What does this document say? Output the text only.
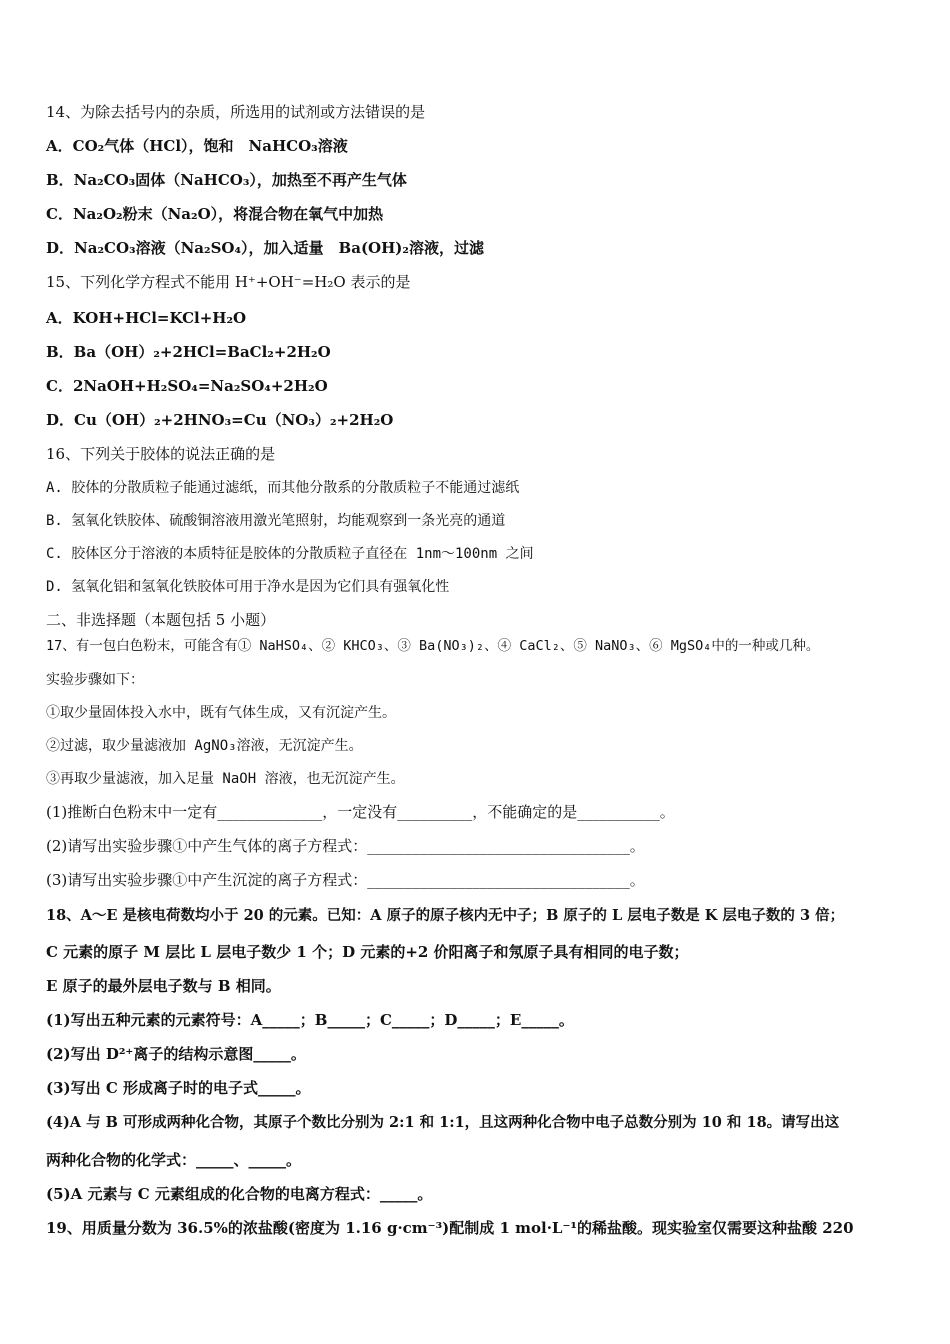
14、为除去括号内的杂质，所选用的试剂或方法错误的是
A．CO₂气体（HCl），饱和　NaHCO₃溶液
B．Na₂CO₃固体（NaHCO₃），加热至不再产生气体
C．Na₂O₂粉末（Na₂O），将混合物在氧气中加热
D．Na₂CO₃溶液（Na₂SO₄），加入适量　Ba(OH)₂溶液，过滤
15、下列化学方程式不能用 H⁺+OH⁻=H₂O 表示的是
A．KOH+HCl=KCl+H₂O
B．Ba（OH）₂+2HCl=BaCl₂+2H₂O
C．2NaOH+H₂SO₄=Na₂SO₄+2H₂O
D．Cu（OH）₂+2HNO₃=Cu（NO₃）₂+2H₂O
16、下列关于胶体的说法正确的是
A. 胶体的分散质粒子能通过滤纸，而其他分散系的分散质粒子不能通过滤纸
B. 氢氧化铁胶体、硫酸铜溶液用激光笔照射，均能观察到一条光亮的通道
C. 胶体区分于溶液的本质特征是胶体的分散质粒子直径在 1nm～100nm 之间
D. 氢氧化铝和氢氧化铁胶体可用于净水是因为它们具有强氧化性
二、非选择题（本题包括 5 小题）
17、有一包白色粉末，可能含有① NaHSO₄、② KHCO₃、③ Ba(NO₃)₂、④ CaCl₂、⑤ NaNO₃、⑥ MgSO₄中的一种或几种。
实验步骤如下：
①取少量固体投入水中，既有气体生成，又有沉淀产生。
②过滤，取少量滤液加 AgNO₃溶液，无沉淀产生。
③再取少量滤液，加入足量 NaOH 溶液，也无沉淀产生。
(1)推断白色粉末中一定有______________，一定没有__________，不能确定的是___________。
(2)请写出实验步骤①中产生气体的离子方程式：___________________________________。
(3)请写出实验步骤①中产生沉淀的离子方程式：___________________________________。
18、A～E 是核电荷数均小于 20 的元素。已知：A 原子的原子核内无中子；B 原子的 L 层电子数是 K 层电子数的 3 倍；
C 元素的原子 M 层比 L 层电子数少 1 个；D 元素的+2 价阳离子和氖原子具有相同的电子数；
E 原子的最外层电子数与 B 相同。
(1)写出五种元素的元素符号：A_____；B_____；C_____；D_____；E_____。
(2)写出 D²⁺离子的结构示意图_____。
(3)写出 C 形成离子时的电子式_____。
(4)A 与 B 可形成两种化合物，其原子个数比分别为 2:1 和 1:1，且这两种化合物中电子总数分别为 10 和 18。请写出这
两种化合物的化学式：_____、_____。
(5)A 元素与 C 元素组成的化合物的电离方程式：_____。
19、用质量分数为 36.5%的浓盐酸(密度为 1.16 g·cm⁻³)配制成 1 mol·L⁻¹的稀盐酸。现实验室仅需要这种盐酸 220
